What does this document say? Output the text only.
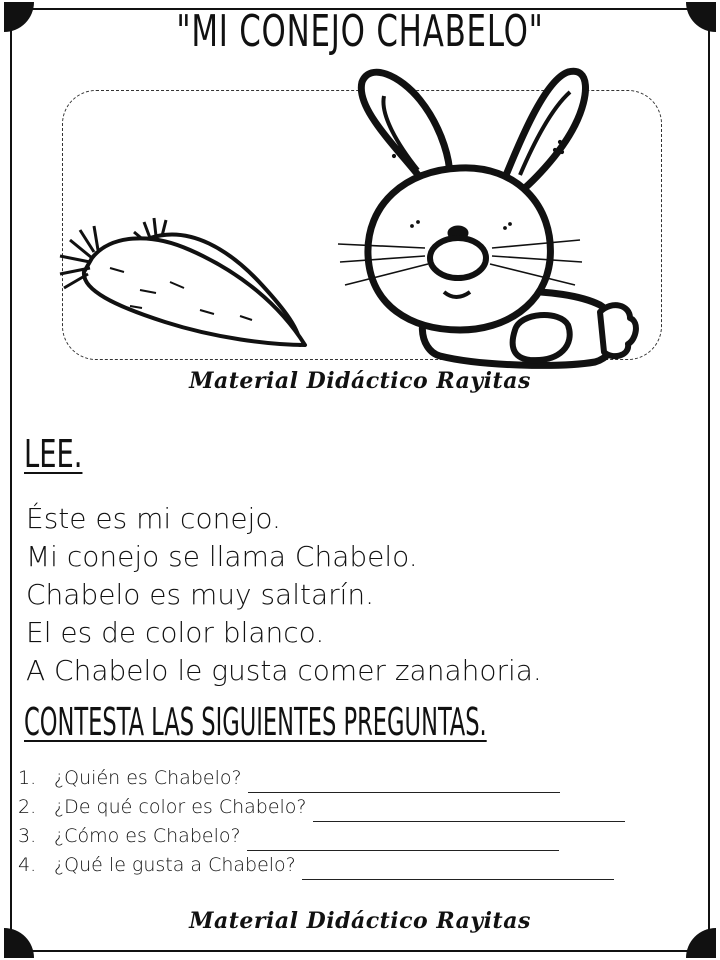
"MI CONEJO CHABELO"
Material Didáctico Rayitas
LEE.
Éste es mi conejo.
Mi conejo se llama Chabelo.
Chabelo es muy saltarín.
El es de color blanco.
A Chabelo le gusta comer zanahoria.
CONTESTA LAS SIGUIENTES PREGUNTAS.
1. ¿Quién es Chabelo?
2. ¿De qué color es Chabelo?
3. ¿Cómo es Chabelo?
4. ¿Qué le gusta a Chabelo?
Material Didáctico Rayitas
